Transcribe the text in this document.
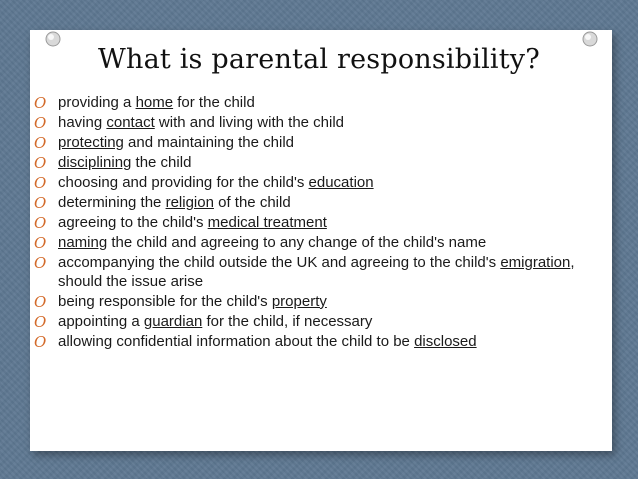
What is parental responsibility?
O providing a home for the child
O having contact with and living with the child
O protecting and maintaining the child
O disciplining the child
O choosing and providing for the child's education
O determining the religion of the child
O agreeing to the child's medical treatment
O naming the child and agreeing to any change of the child's name
O accompanying the child outside the UK and agreeing to the child's emigration, should the issue arise
O being responsible for the child's property
O appointing a guardian for the child, if necessary
O allowing confidential information about the child to be disclosed
